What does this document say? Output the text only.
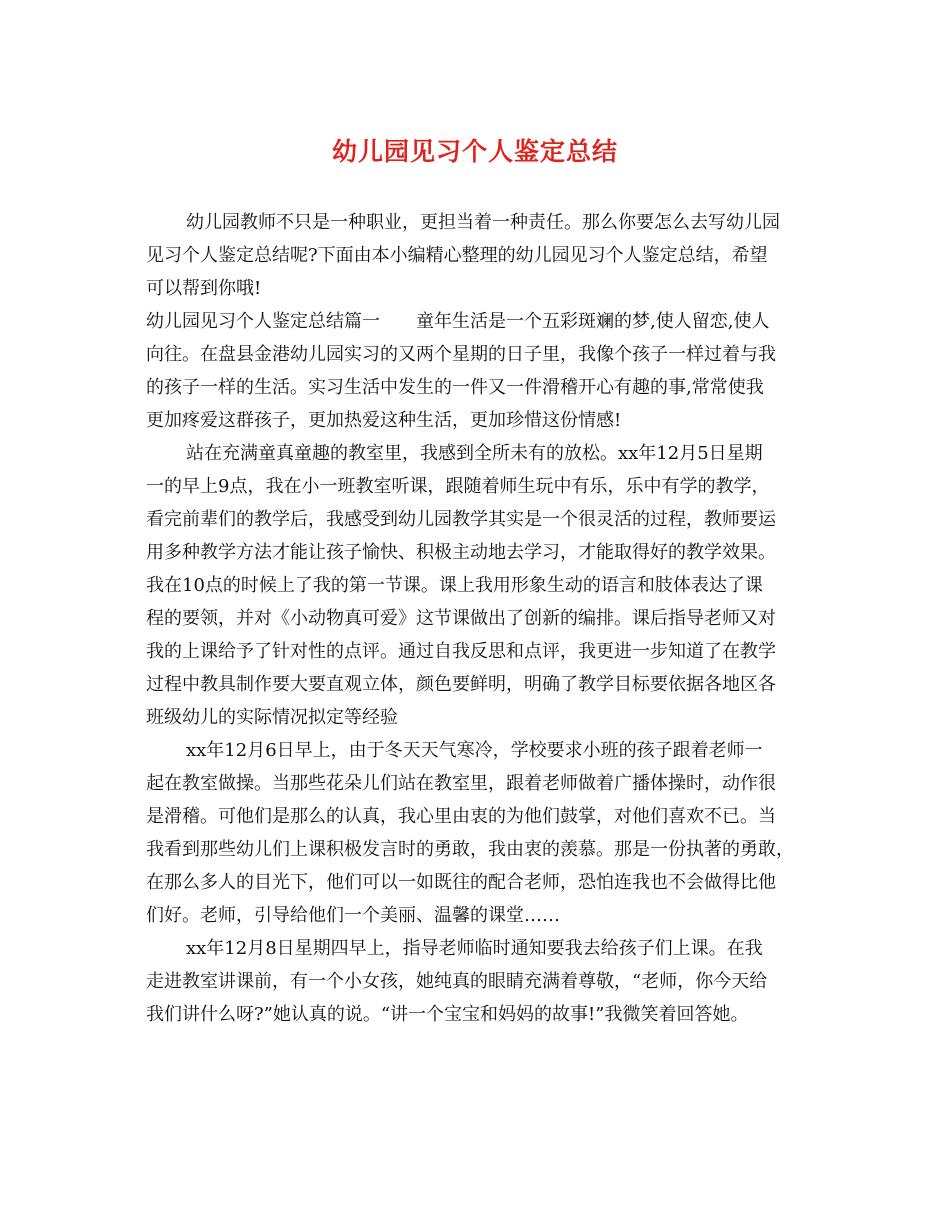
幼儿园见习个人鉴定总结
幼儿园教师不只是一种职业，更担当着一种责任。那么你要怎么去写幼儿园
见习个人鉴定总结呢?下面由本小编精心整理的幼儿园见习个人鉴定总结，希望
可以帮到你哦!
幼儿园见习个人鉴定总结篇一　　童年生活是一个五彩斑斓的梦,使人留恋,使人
向往。在盘县金港幼儿园实习的又两个星期的日子里，我像个孩子一样过着与我
的孩子一样的生活。实习生活中发生的一件又一件滑稽开心有趣的事,常常使我
更加疼爱这群孩子，更加热爱这种生活，更加珍惜这份情感!
站在充满童真童趣的教室里，我感到全所未有的放松。xx年12月5日星期
一的早上9点，我在小一班教室听课，跟随着师生玩中有乐，乐中有学的教学，
看完前辈们的教学后，我感受到幼儿园教学其实是一个很灵活的过程，教师要运
用多种教学方法才能让孩子愉快、积极主动地去学习，才能取得好的教学效果。
我在10点的时候上了我的第一节课。课上我用形象生动的语言和肢体表达了课
程的要领，并对《小动物真可爱》这节课做出了创新的编排。课后指导老师又对
我的上课给予了针对性的点评。通过自我反思和点评，我更进一步知道了在教学
过程中教具制作要大要直观立体，颜色要鲜明，明确了教学目标要依据各地区各
班级幼儿的实际情况拟定等经验
xx年12月6日早上，由于冬天天气寒冷，学校要求小班的孩子跟着老师一
起在教室做操。当那些花朵儿们站在教室里，跟着老师做着广播体操时，动作很
是滑稽。可他们是那么的认真，我心里由衷的为他们鼓掌，对他们喜欢不已。当
我看到那些幼儿们上课积极发言时的勇敢，我由衷的羡慕。那是一份执著的勇敢，
在那么多人的目光下，他们可以一如既往的配合老师，恐怕连我也不会做得比他
们好。老师，引导给他们一个美丽、温馨的课堂……
xx年12月8日星期四早上，指导老师临时通知要我去给孩子们上课。在我
走进教室讲课前，有一个小女孩，她纯真的眼睛充满着尊敬，“老师，你今天给
我们讲什么呀?”她认真的说。“讲一个宝宝和妈妈的故事!”我微笑着回答她。
